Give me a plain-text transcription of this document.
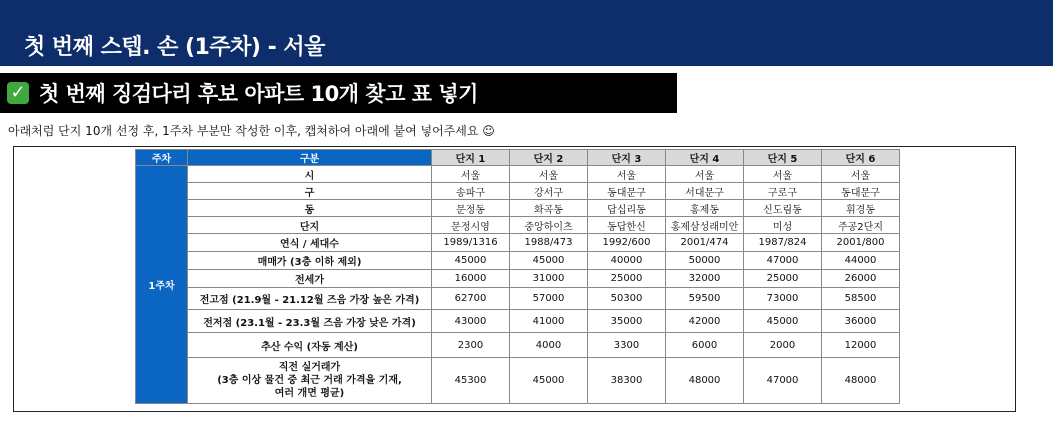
첫 번째 스텝. 손 (1주차) - 서울
✓ 첫 번째 징검다리 후보 아파트 10개 찾고 표 넣기
아래처럼 단지 10개 선정 후, 1주차 부분만 작성한 이후, 캡쳐하여 아래에 붙여 넣어주세요 ☺
주차	구분	단지 1	단지 2	단지 3	단지 4	단지 5	단지 6
1주차	시	서울	서울	서울	서울	서울	서울
	구	송파구	강서구	동대문구	서대문구	구로구	동대문구
	동	문정동	화곡동	답십리동	홍제동	신도림동	휘경동
	단지	문정시영	중앙하이츠	동답한신	홍제삼성래미안	미성	주공2단지
	연식 / 세대수	1989/1316	1988/473	1992/600	2001/474	1987/824	2001/800
	매매가 (3층 이하 제외)	45000	45000	40000	50000	47000	44000
	전세가	16000	31000	25000	32000	25000	26000
	전고점 (21.9월 - 21.12월 즈음 가장 높은 가격)	62700	57000	50300	59500	73000	58500
	전저점 (23.1월 - 23.3월 즈음 가장 낮은 가격)	43000	41000	35000	42000	45000	36000
	추산 수익 (자동 계산)	2300	4000	3300	6000	2000	12000

	직전 실거래가
(3층 이상 물건 중 최근 거래 가격을 기재,
여러 개면 평균)	45300	45000	38300	48000	47000	48000
